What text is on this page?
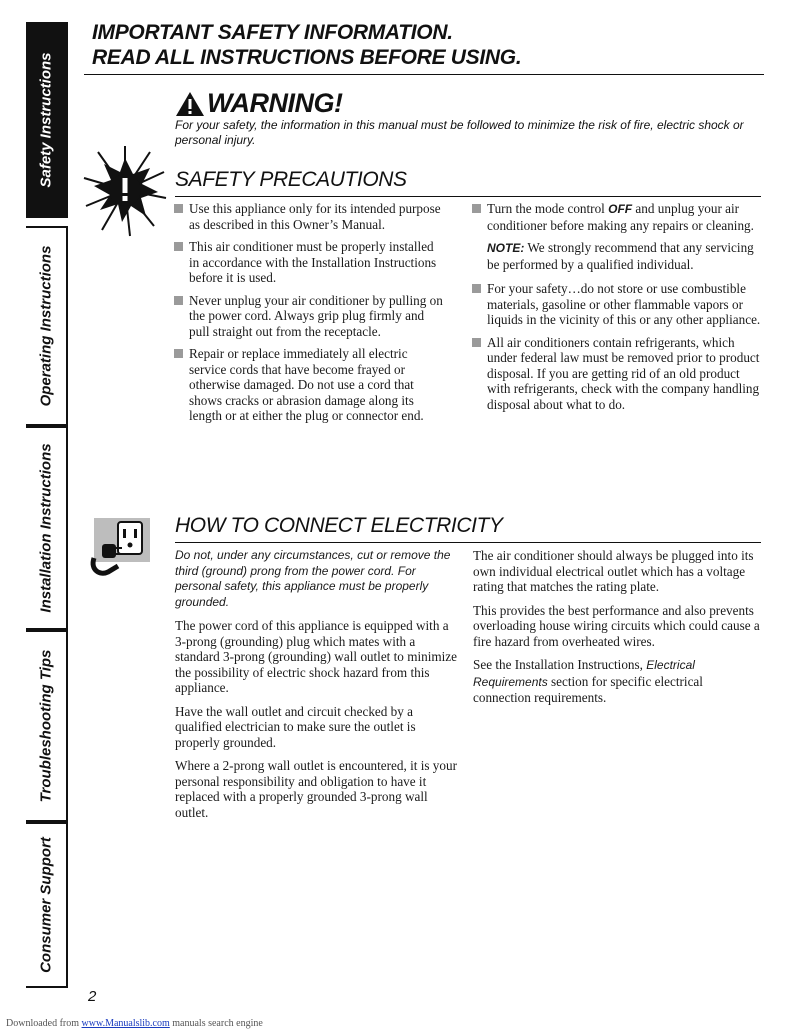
Safety Instructions
Operating Instructions
Installation Instructions
Troubleshooting Tips
Consumer Support
IMPORTANT SAFETY INFORMATION.
READ ALL INSTRUCTIONS BEFORE USING.
WARNING!
For your safety, the information in this manual must be followed to minimize the risk of fire, electric shock or personal injury.
SAFETY PRECAUTIONS
Use this appliance only for its intended purpose as described in this Owner’s Manual.
This air conditioner must be properly installed in accordance with the Installation Instructions before it is used.
Never unplug your air conditioner by pulling on the power cord. Always grip plug firmly and pull straight out from the receptacle.
Repair or replace immediately all electric service cords that have become frayed or otherwise damaged. Do not use a cord that shows cracks or abrasion damage along its length or at either the plug or connector end.
Turn the mode control OFF and unplug your air conditioner before making any repairs or cleaning.
NOTE: We strongly recommend that any servicing be performed by a qualified individual.
For your safety…do not store or use combustible materials, gasoline or other flammable vapors or liquids in the vicinity of this or any other appliance.
All air conditioners contain refrigerants, which under federal law must be removed prior to product disposal. If you are getting rid of an old product with refrigerants, check with the company handling disposal about what to do.
HOW TO CONNECT ELECTRICITY

Do not, under any circumstances, cut or remove the third (ground) prong from the power cord. For personal safety, this appliance must be properly grounded.

The power cord of this appliance is equipped with a 3-prong (grounding) plug which mates with a standard 3-prong (grounding) wall outlet to minimize the possibility of electric shock hazard from this appliance.

Have the wall outlet and circuit checked by a qualified electrician to make sure the outlet is properly grounded.

Where a 2-prong wall outlet is encountered, it is your personal responsibility and obligation to have it replaced with a properly grounded 3-prong wall outlet.

The air conditioner should always be plugged into its own individual electrical outlet which has a voltage rating that matches the rating plate.

This provides the best performance and also prevents overloading house wiring circuits which could cause a fire hazard from overheated wires.

See the Installation Instructions, Electrical Requirements section for specific electrical connection requirements.

2
Downloaded from www.Manualslib.com manuals search engine
